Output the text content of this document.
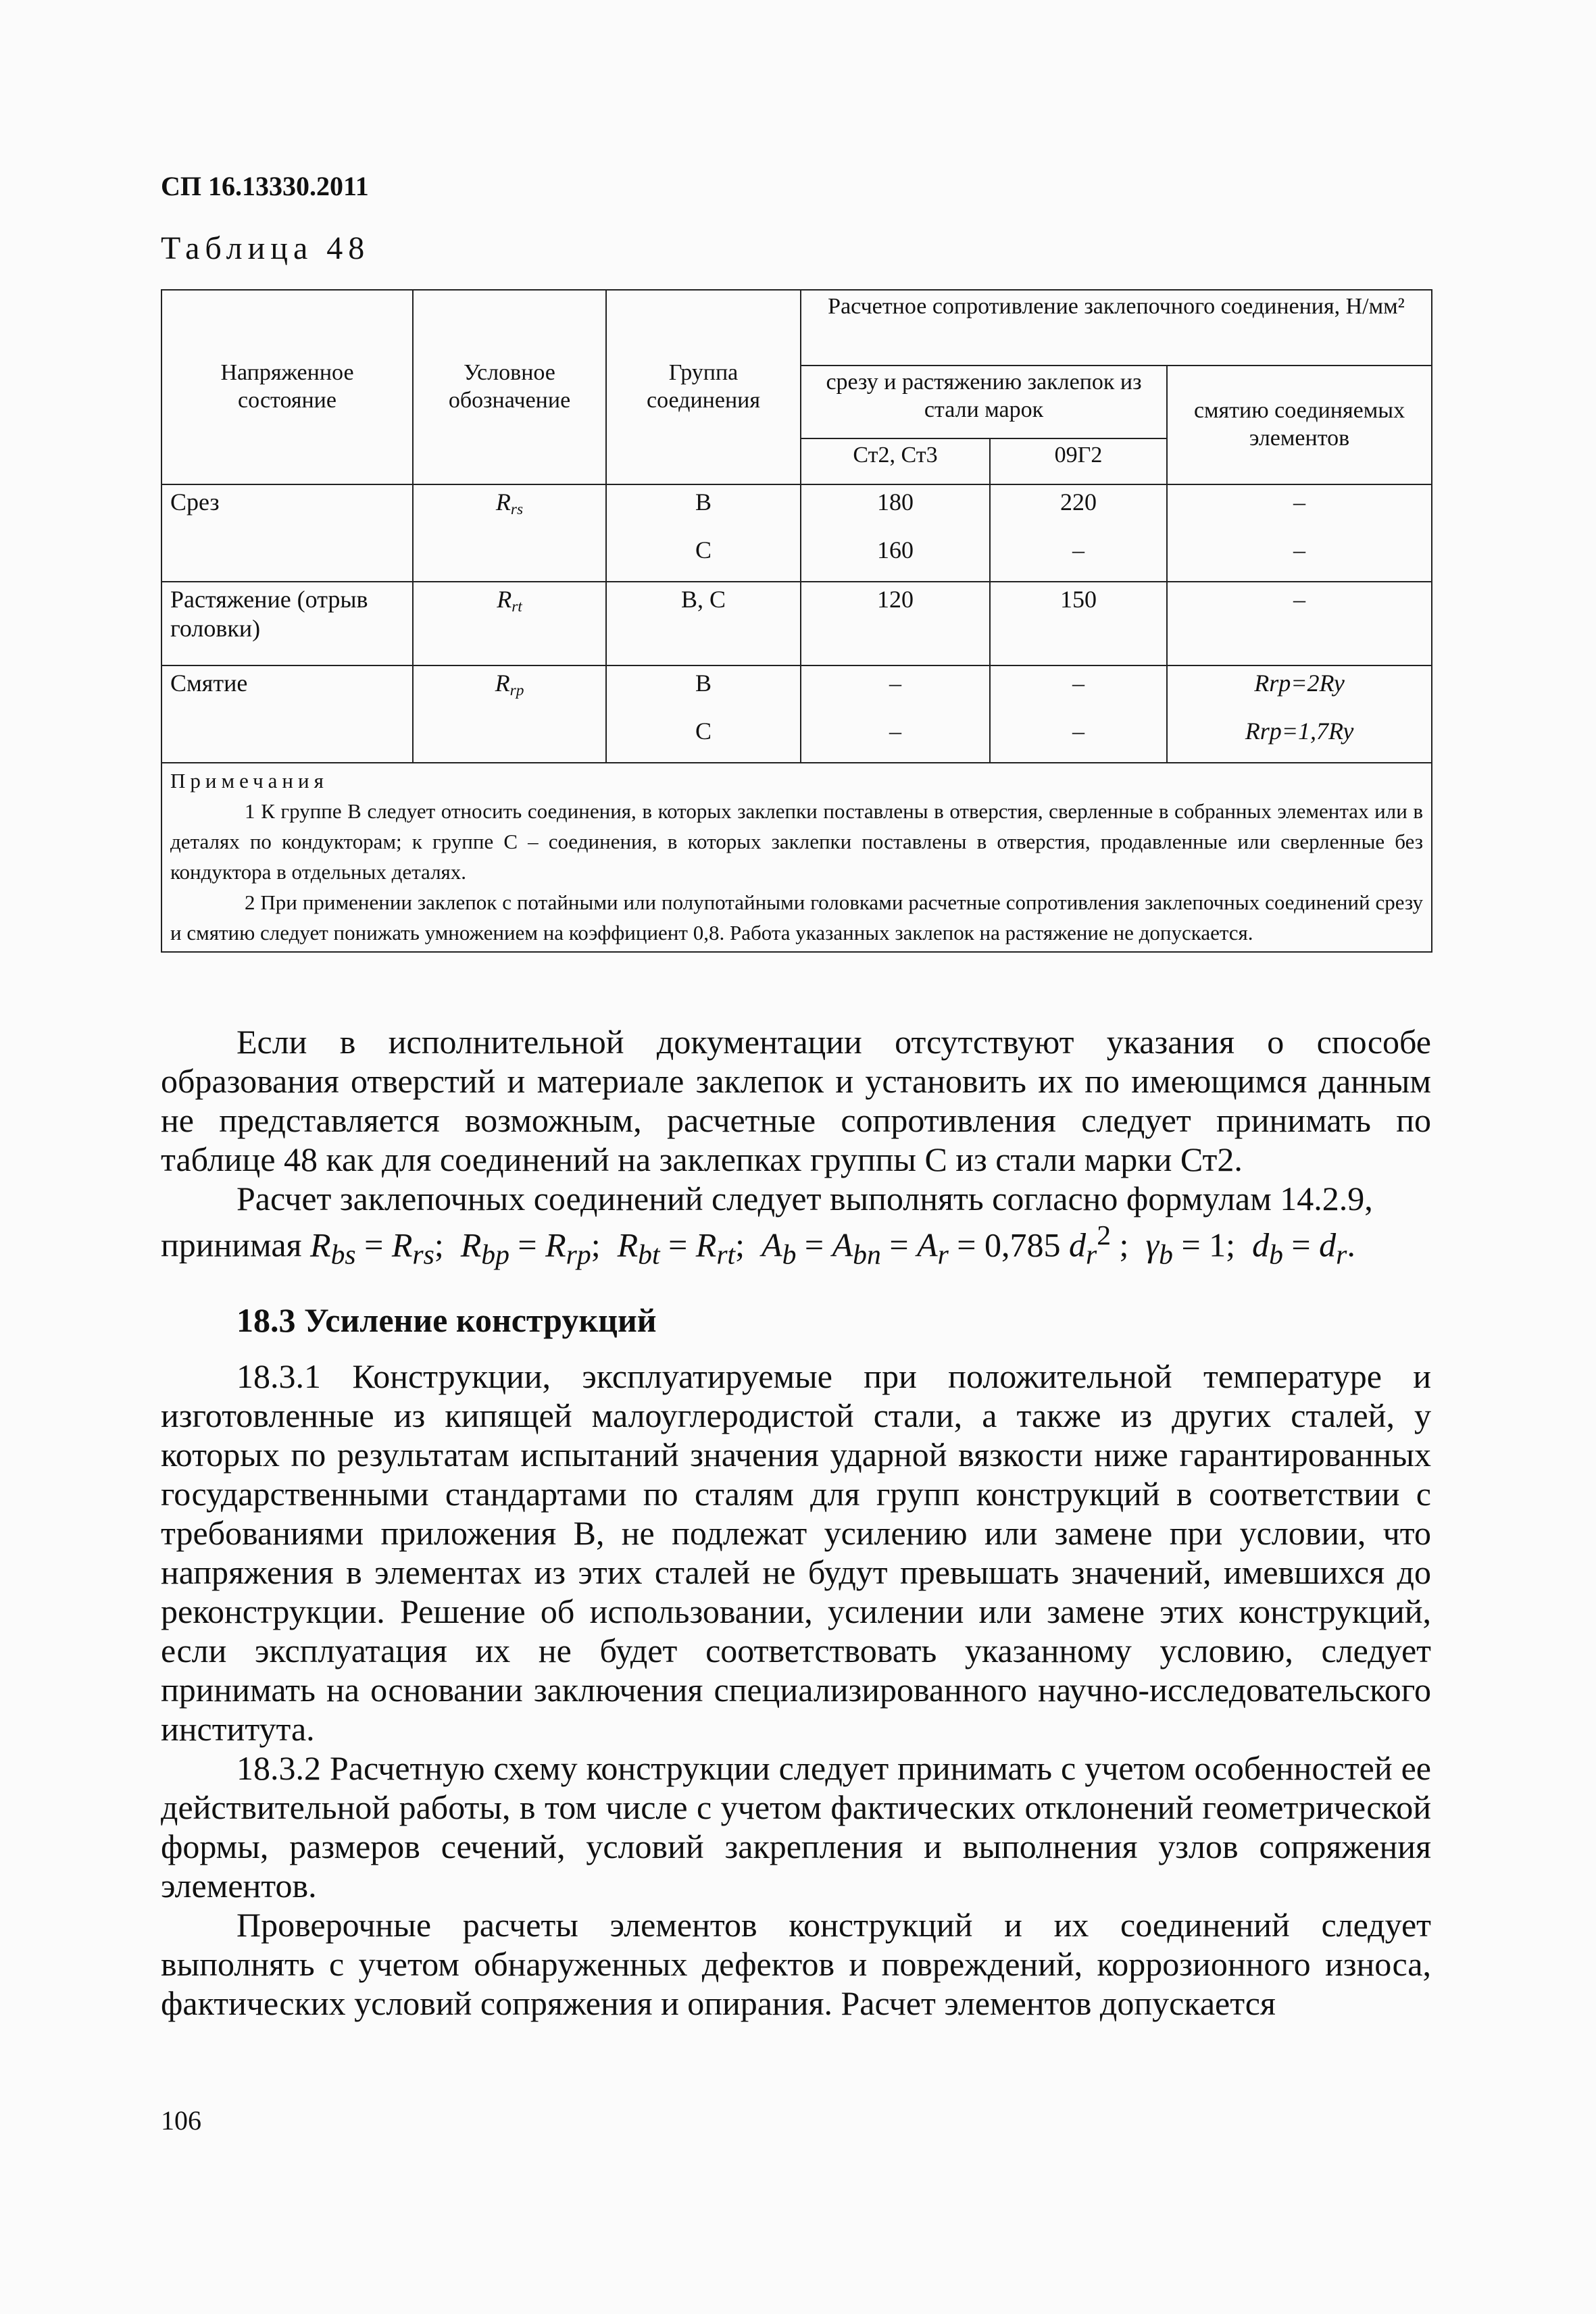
СП 16.13330.2011
Таблица 48
Напряженное состояние	Условное обозначение	Группа соединения	Расчетное сопротивление заклепочного соединения, Н/мм²		
			срезу и растяжению заклепок из стали марок		смятию соединяемых элементов
			Ст2, Ст3	09Г2	
Срез	$R_{rs}$	В	180	220	–
		С	160	–	–
Растяжение (отрыв головки)	$R_{rt}$	В, С	120	150	–
Смятие	$R_{rp}$	В	–	–	Rrp=2Ry
		С	–	–	Rrp=1,7Ry

Примечания
1 К группе В следует относить соединения, в которых заклепки поставлены в отверстия, сверленные в собранных элементах или в деталях по кондукторам; к группе С – соединения, в которых заклепки поставлены в отверстия, продавленные или сверленные без кондуктора в отдельных деталях.
2 При применении заклепок с потайными или полупотайными головками расчетные сопротивления заклепочных соединений срезу и смятию следует понижать умножением на коэффициент 0,8. Работа указанных заклепок на растяжение не допускается.					

Если в исполнительной документации отсутствуют указания о способе образования отверстий и материале заклепок и установить их по имеющимся данным не представляется возможным, расчетные сопротивления следует принимать по таблице 48 как для соединений на заклепках группы С из стали марки Ст2.

Расчет заклепочных соединений следует выполнять согласно формулам 14.2.9,

принимая $R_{bs} = R_{rs}$;  $R_{bp} = R_{rp}$;  $R_{bt} = R_{rt}$;  $A_b = A_{bn} = A_r = 0,785$ $d_r^2$ ;  $\gamma_b = 1$;  $d_b = d_r$.
18.3 Усиление конструкций

18.3.1 Конструкции, эксплуатируемые при положительной температуре и изготовленные из кипящей малоуглеродистой стали, а также из других сталей, у которых по результатам испытаний значения ударной вязкости ниже гарантированных государственными стандартами по сталям для групп конструкций в соответствии с требованиями приложения В, не подлежат усилению или замене при условии, что напряжения в элементах из этих сталей не будут превышать значений, имевшихся до реконструкции. Решение об использовании, усилении или замене этих конструкций, если эксплуатация их не будет соответствовать указанному условию, следует принимать на основании заключения специализированного научно-исследовательского института.

18.3.2 Расчетную схему конструкции следует принимать с учетом особенностей ее действительной работы, в том числе с учетом фактических отклонений геометрической формы, размеров сечений, условий закрепления и выполнения узлов сопряжения элементов.

Проверочные расчеты элементов конструкций и их соединений следует выполнять с учетом обнаруженных дефектов и повреждений, коррозионного износа, фактических условий сопряжения и опирания. Расчет элементов допускается

106
